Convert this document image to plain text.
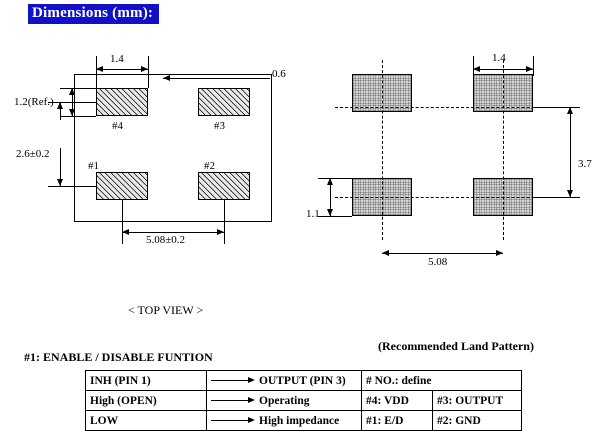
Dimensions (mm):
#4	#3
#1	#2
1.4
0.6
1.2(Ref.)
2.6±0.2
5.08±0.2
< TOP VIEW >
1.4
3.7
1.1
5.08
(Recommended Land Pattern)
#1: ENABLE / DISABLE FUNTION
INH (PIN 1)	OUTPUT (PIN 3)	# NO.: define	
High (OPEN)	Operating	#4: VDD	#3: OUTPUT
LOW	High impedance	#1: E/D	#2: GND
